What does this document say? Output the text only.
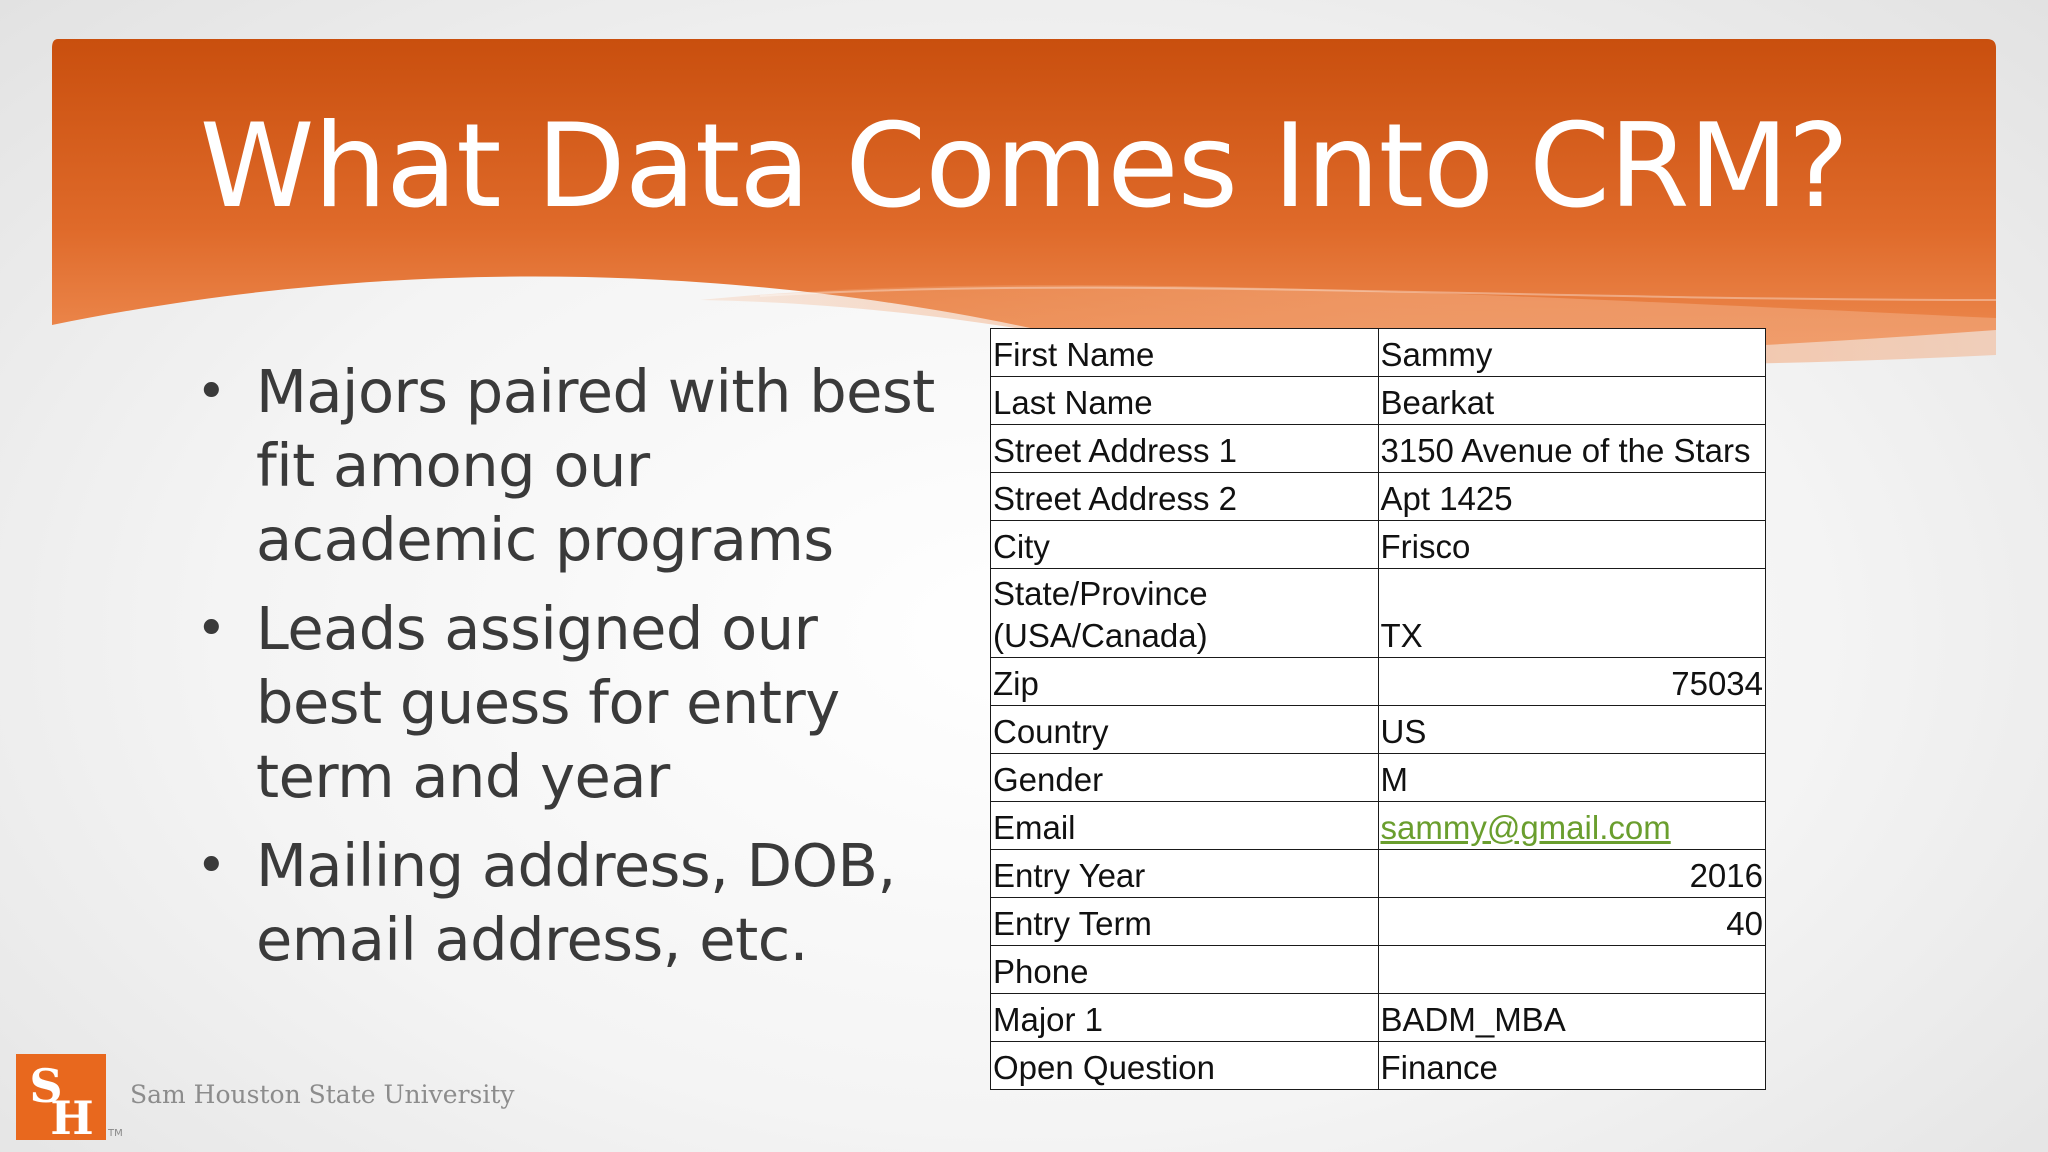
What Data Comes Into CRM?
• Majors paired with best fit among our academic programs
• Leads assigned our best guess for entry term and year
• Mailing address, DOB, email address, etc.
First Name	Sammy
Last Name	Bearkat
Street Address 1	3150 Avenue of the Stars
Street Address 2	Apt 1425
City	Frisco
State/Province (USA/Canada)	TX
Zip	75034
Country	US
Gender	M
Email	sammy@gmail.com
Entry Year	2016
Entry Term	40
Phone	
Major 1	BADM_MBA
Open Question	Finance
S
H TM
Sam Houston State University
